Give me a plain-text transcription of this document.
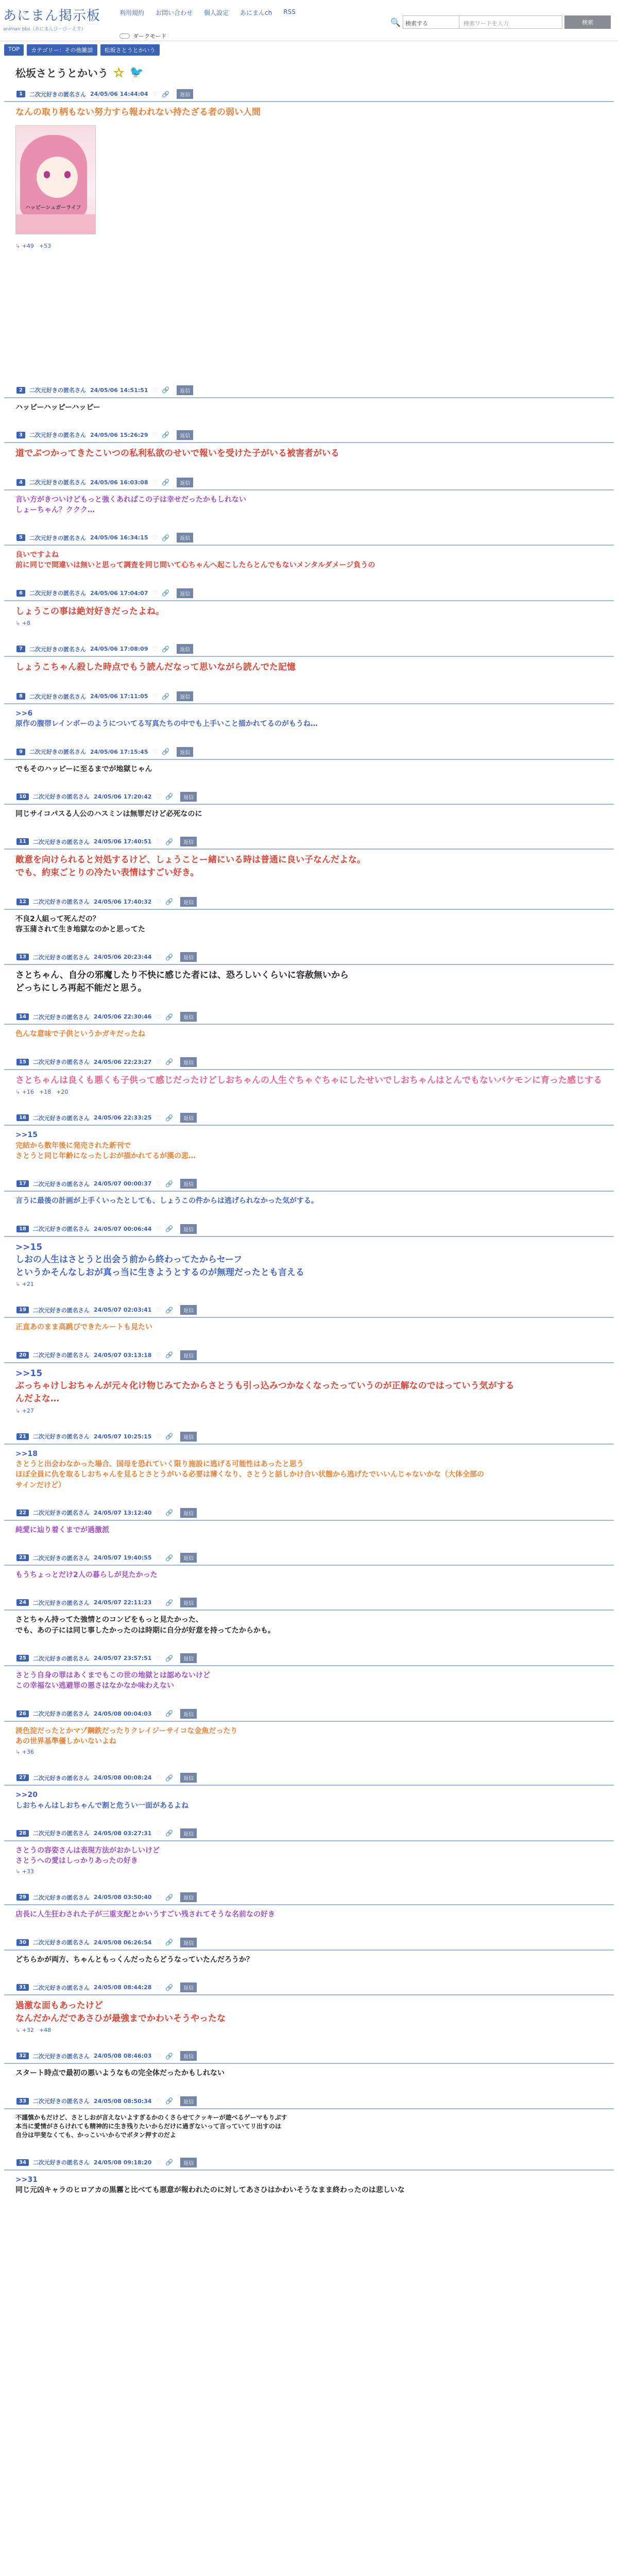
あにまん掲示板
animan bbs（あにまんびーびーえす）
利用規約 お問い合わせ 個人設定 あにまんch RSS
ダークモード
🔍 検索する	検索ワードを入力	検索
TOP	カテゴリー：その他雑談	松坂さとうとかいう
松坂さとうとかいう ☆ 🐦
1	二次元好きの匿名さん 24/05/06 14:44:04 ♡ 🔗	返信
なんの取り柄もない努力すら報われない持たざる者の弱い人間
ハッピーシュガーライフ
↳ +49 +53
2	二次元好きの匿名さん 24/05/06 14:51:51 ♡ 🔗	返信
ハッピーハッピーハッピー
3	二次元好きの匿名さん 24/05/06 15:26:29 ♡ 🔗	返信
道でぶつかってきたこいつの私利私欲のせいで報いを受けた子がいる被害者がいる
4	二次元好きの匿名さん 24/05/06 16:03:08 ♡ 🔗	返信
言い方がきついけどもっと強くあればこの子は幸せだったかもしれない
しょーちゃん？ククク…
5	二次元好きの匿名さん 24/05/06 16:34:15 ♡ 🔗	返信
良いですよね
前に同じで間違いは無いと思って調査を同じ間いて心ちゃんへ起こしたらとんでもないメンタルダメージ負うの
6	二次元好きの匿名さん 24/05/06 17:04:07 ♡ 🔗	返信
しょうこの事は絶対好きだったよね。
↳ +8
7	二次元好きの匿名さん 24/05/06 17:08:09 ♡ 🔗	返信
しょうこちゃん殺した時点でもう読んだなって思いながら読んでた記憶
8	二次元好きの匿名さん 24/05/06 17:11:05 ♡ 🔗	返信
>>6
原作の腹帯レインボーのようについてる写真たちの中でも上手いこと描かれてるのがもうね…
9	二次元好きの匿名さん 24/05/06 17:15:45 ♡ 🔗	返信
でもそのハッピーに至るまでが地獄じゃん
10	二次元好きの匿名さん 24/05/06 17:20:42 ♡ 🔗	返信
同じサイコパスる人公のハスミンは無罪だけど必死なのに
11	二次元好きの匿名さん 24/05/06 17:40:51 ♡ 🔗	返信
敵意を向けられると対処するけど、しょうことー緒にいる時は普通に良い子なんだよな。
でも、約束ごとりの冷たい表情はすごい好き。
12	二次元好きの匿名さん 24/05/06 17:40:32 ♡ 🔗	返信
不良2人組って死んだの？
容玉蒲されて生き地獄なのかと思ってた
13	二次元好きの匿名さん 24/05/06 20:23:44 ♡ 🔗	返信
さとちゃん、自分の邪魔したり不快に感じた者には、恐ろしいくらいに容赦無いから
どっちにしろ再起不能だと思う。
14	二次元好きの匿名さん 24/05/06 22:30:46 ♡ 🔗	返信
色んな意味で子供というかガキだったね
15	二次元好きの匿名さん 24/05/06 22:23:27 ♡ 🔗	返信
さとちゃんは良くも悪くも子供って感じだったけどしおちゃんの人生ぐちゃぐちゃにしたせいでしおちゃんはとんでもないバケモンに育った感じする
↳ +16 +18 +20
16	二次元好きの匿名さん 24/05/06 22:33:25 ♡ 🔗	返信
>>15
完結から数年後に発売された新刊で
さとうと同じ年齢になったしおが描かれてるが漢の悲…
17	二次元好きの匿名さん 24/05/07 00:00:37 ♡ 🔗	返信
言うに最後の計画が上手くいったとしても、しょうこの件からは逃げられなかった気がする。
18	二次元好きの匿名さん 24/05/07 00:06:44 ♡ 🔗	返信
>>15
しおの人生はさとうと出会う前から終わってたからセーフ
というかそんなしおが真っ当に生きようとするのが無理だったとも言える
↳ +21
19	二次元好きの匿名さん 24/05/07 02:03:41 ♡ 🔗	返信
正直あのまま高跳びできたルートも見たい
20	二次元好きの匿名さん 24/05/07 03:13:18 ♡ 🔗	返信
>>15
ぶっちゃけしおちゃんが元々化け物じみてたからさとうも引っ込みつかなくなったっていうのが正解なのではっていう気がする
んだよな…
↳ +27
21	二次元好きの匿名さん 24/05/07 10:25:15 ♡ 🔗	返信
>>18
さとうと出会わなかった場合、国母を恐れていく限り施設に逃げる可能性はあったと思う
ほぼ全員に仇を取るしおちゃんを見るとさとうがいる必要は薄くなり、さとうと話しかけ合い状態から逃げたでいいんじゃないかな（大体全部の
サインだけど）
22	二次元好きの匿名さん 24/05/07 13:12:40 ♡ 🔗	返信
純愛に辿り着くまでが過激派
23	二次元好きの匿名さん 24/05/07 19:40:55 ♡ 🔗	返信
もうちょっとだけ2人の暮らしが見たかった
24	二次元好きの匿名さん 24/05/07 22:11:23 ♡ 🔗	返信
さとちゃん持ってた強情とのコンビをもっと見たかった、
でも、あの子には同じ事したかったのは時期に自分が好意を持ってたからかも。
25	二次元好きの匿名さん 24/05/07 23:57:51 ♡ 🔗	返信
さとう自身の罪はあくまでもこの世の地獄とは認めないけど
この幸福ない逃避罪の悪さはなかなか味わえない
26	二次元好きの匿名さん 24/05/08 00:04:03 ♡ 🔗	返信
淡色淀だったとかマゾ鋼鉄だったりクレイジーサイコな金魚だったり
あの世界基準優しかいないよね
↳ +36
27	二次元好きの匿名さん 24/05/08 00:08:24 ♡ 🔗	返信
>>20
しおちゃんはしおちゃんで割と危うい一面があるよね
28	二次元好きの匿名さん 24/05/08 03:27:31 ♡ 🔗	返信
さとうの容姿さんは表現方法がおかしいけど
さとうへの愛はしっかりあったの好き
↳ +33
29	二次元好きの匿名さん 24/05/08 03:50:40 ♡ 🔗	返信
店長に人生狂わされた子が三重支配とかいうすごい残されてそうな名前なの好き
30	二次元好きの匿名さん 24/05/08 06:26:54 ♡ 🔗	返信
どちらかが両方、ちゃんともっくんだったらどうなっていたんだろうか？
31	二次元好きの匿名さん 24/05/08 08:44:28 ♡ 🔗	返信
過激な面もあったけど
なんだかんだであさひが最強までかわいそうやったな
↳ +32 +48
32	二次元好きの匿名さん 24/05/08 08:46:03 ♡ 🔗	返信
スタート時点で最初の悪いようなもの完全体だったかもしれない
33	二次元好きの匿名さん 24/05/08 08:50:34 ♡ 🔗	返信
不謹慎かもだけど、さとしおが言えないよすぎるかのくさらせてクッキーが遊べるゲーマもりぷす
本当に愛情がさらけれても精神的に生き残りたいからだけに過ぎないって言っていてリ出すのは
自分は甲斐なくても、かっこいいからでボタン押すのだよ
34	二次元好きの匿名さん 24/05/08 09:18:20 ♡ 🔗	返信
>>31
同じ元凶キャラのヒロアカの黒霧と比べても悪意が報われたのに対してあさひはかわいそうなまま終わったのは悲しいな
